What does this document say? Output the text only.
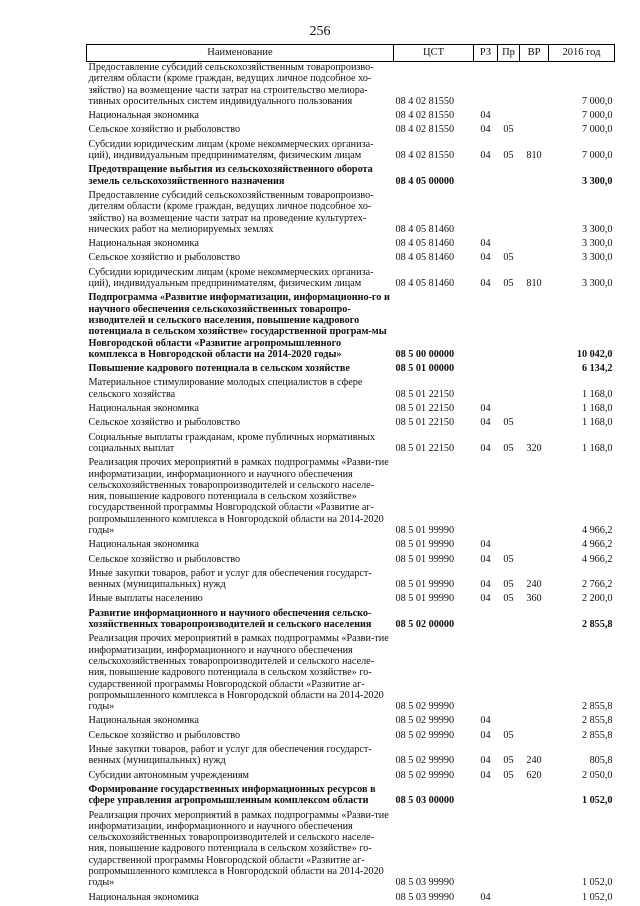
256
Наименование	ЦСТ	РЗ	Пр	ВР	2016 год
Предоставление субсидий сельскохозяйственным товаропроизво-дителям области (кроме граждан, ведущих личное подсобное хо-зяйство) на возмещение части затрат на строительство мелиора-тивных оросительных систем индивидуального пользования	08 4 02 81550				7 000,0

Национальная экономика	08 4 02 81550	04			7 000,0

Сельское хозяйство и рыболовство	08 4 02 81550	04	05		7 000,0

Субсидии юридическим лицам (кроме некоммерческих организа-ций), индивидуальным предпринимателям, физическим лицам	08 4 02 81550	04	05	810	7 000,0

Предотвращение выбытия из сельскохозяйственного оборота земель сельскохозяйственного назначения	08 4 05 00000				3 300,0

Предоставление субсидий сельскохозяйственным товаропроизво-дителям области (кроме граждан, ведущих личное подсобное хо-зяйство) на возмещение части затрат на проведение культуртех-нических работ на мелиорируемых землях	08 4 05 81460				3 300,0

Национальная экономика	08 4 05 81460	04			3 300,0

Сельское хозяйство и рыболовство	08 4 05 81460	04	05		3 300,0

Субсидии юридическим лицам (кроме некоммерческих организа-ций), индивидуальным предпринимателям, физическим лицам	08 4 05 81460	04	05	810	3 300,0

Подпрограмма «Развитие информатизации, информационно-го и научного обеспечения сельскохозяйственных товаропро-изводителей и сельского населения, повышение кадрового потенциала в сельском хозяйстве» государственной програм-мы Новгородской области «Развитие агропромышленного комплекса в Новгородской области на 2014-2020 годы»	08 5 00 00000				10 042,0

Повышение кадрового потенциала в сельском хозяйстве	08 5 01 00000				6 134,2

Материальное стимулирование молодых специалистов в сфере сельского хозяйства	08 5 01 22150				1 168,0

Национальная экономика	08 5 01 22150	04			1 168,0

Сельское хозяйство и рыболовство	08 5 01 22150	04	05		1 168,0

Социальные выплаты гражданам, кроме публичных нормативных социальных выплат	08 5 01 22150	04	05	320	1 168,0

Реализация прочих мероприятий в рамках подпрограммы «Разви-тие информатизации, информационного и научного обеспечения сельскохозяйственных товаропроизводителей и сельского населе-ния, повышение кадрового потенциала в сельском хозяйстве» государственной программы Новгородской области «Развитие аг-ропромышленного комплекса в Новгородской области на 2014-2020 годы»	08 5 01 99990				4 966,2

Национальная экономика	08 5 01 99990	04			4 966,2

Сельское хозяйство и рыболовство	08 5 01 99990	04	05		4 966,2

Иные закупки товаров, работ и услуг для обеспечения государст-венных (муниципальных) нужд	08 5 01 99990	04	05	240	2 766,2

Иные выплаты населению	08 5 01 99990	04	05	360	2 200,0

Развитие информационного и научного обеспечения сельско-хозяйственных товаропроизводителей и сельского населения	08 5 02 00000				2 855,8

Реализация прочих мероприятий в рамках подпрограммы «Разви-тие информатизации, информационного и научного обеспечения сельскохозяйственных товаропроизводителей и сельского населе-ния, повышение кадрового потенциала в сельском хозяйстве» го-сударственной программы Новгородской области «Развитие аг-ропромышленного комплекса в Новгородской области на 2014-2020 годы»	08 5 02 99990				2 855,8

Национальная экономика	08 5 02 99990	04			2 855,8

Сельское хозяйство и рыболовство	08 5 02 99990	04	05		2 855,8

Иные закупки товаров, работ и услуг для обеспечения государст-венных (муниципальных) нужд	08 5 02 99990	04	05	240	805,8

Субсидии автономным учреждениям	08 5 02 99990	04	05	620	2 050,0

Формирование государственных информационных ресурсов в сфере управления агропромышленным комплексом области	08 5 03 00000				1 052,0

Реализация прочих мероприятий в рамках подпрограммы «Разви-тие информатизации, информационного и научного обеспечения сельскохозяйственных товаропроизводителей и сельского населе-ния, повышение кадрового потенциала в сельском хозяйстве» го-сударственной программы Новгородской области «Развитие аг-ропромышленного комплекса в Новгородской области на 2014-2020 годы»	08 5 03 99990				1 052,0

Национальная экономика	08 5 03 99990	04			1 052,0
